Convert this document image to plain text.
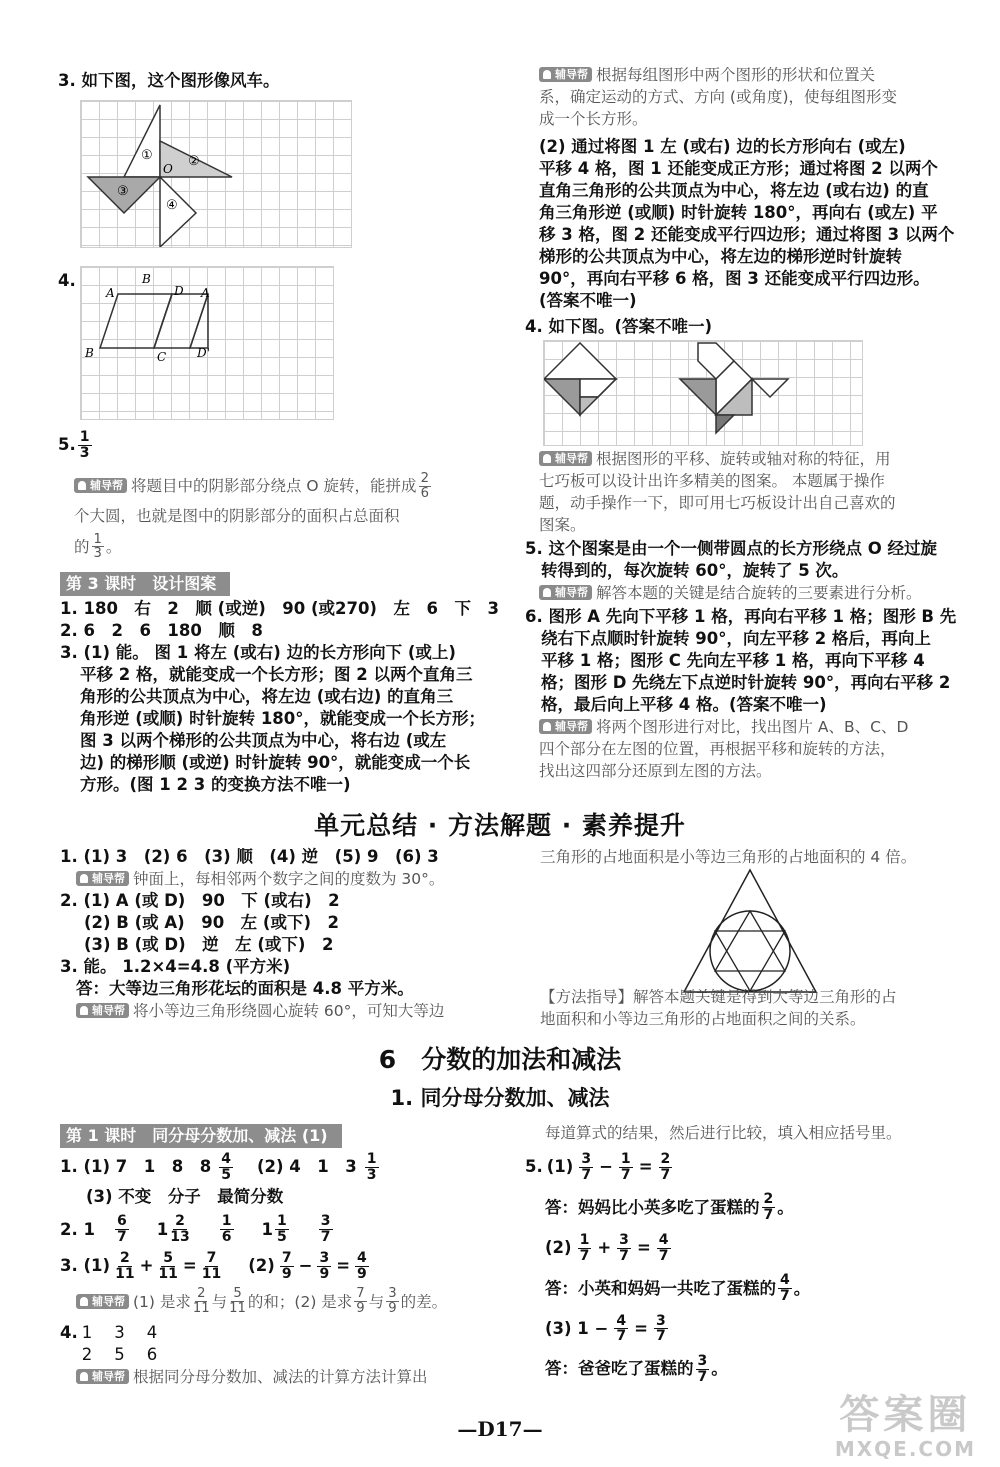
3. 如下图，这个图形像风车。
①	②
③
④
O
4.
A
B
D A
B	C	D'
5. $\frac{1}{3}$
辅导帮 将题目中的阴影部分绕点 O 旋转，能拼成 $\frac{2}{6}$
个大圆，也就是图中的阴影部分的面积占总面积
的 $\frac{1}{3}$ 。
第 3 课时　设计图案
1. 180　右　2　顺 (或逆)　90 (或270)　左　6　下　3
2. 6　2　6　180　顺　8
3. (1) 能。 图 1 将左 (或右) 边的长方形向下 (或上)
平移 2 格，就能变成一个长方形；图 2 以两个直角三
角形的公共顶点为中心，将左边 (或右边) 的直角三
角形逆 (或顺) 时针旋转 180°，就能变成一个长方形；
图 3 以两个梯形的公共顶点为中心，将右边 (或左
边) 的梯形顺 (或逆) 时针旋转 90°，就能变成一个长
方形。(图 1 2 3 的变换方法不唯一)
辅导帮 根据每组图形中两个图形的形状和位置关
系，确定运动的方式、方向 (或角度)，使每组图形变
成一个长方形。
(2) 通过将图 1 左 (或右) 边的长方形向右 (或左)
平移 4 格，图 1 还能变成正方形；通过将图 2 以两个
直角三角形的公共顶点为中心，将左边 (或右边) 的直
角三角形逆 (或顺) 时针旋转 180°，再向右 (或左) 平
移 3 格，图 2 还能变成平行四边形；通过将图 3 以两个
梯形的公共顶点为中心，将左边的梯形逆时针旋转
90°，再向右平移 6 格，图 3 还能变成平行四边形。
(答案不唯一)
4. 如下图。(答案不唯一)
辅导帮 根据图形的平移、旋转或轴对称的特征，用
七巧板可以设计出许多精美的图案。 本题属于操作
题，动手操作一下，即可用七巧板设计出自己喜欢的
图案。
5. 这个图案是由一个一侧带圆点的长方形绕点 O 经过旋
转得到的，每次旋转 60°，旋转了 5 次。
辅导帮 解答本题的关键是结合旋转的三要素进行分析。
6. 图形 A 先向下平移 1 格，再向右平移 1 格；图形 B 先
绕右下点顺时针旋转 90°，向左平移 2 格后，再向上
平移 1 格；图形 C 先向左平移 1 格，再向下平移 4
格；图形 D 先绕左下点逆时针旋转 90°，再向右平移 2
格，最后向上平移 4 格。(答案不唯一)
辅导帮 将两个图形进行对比，找出图片 A、B、C、D
四个部分在左图的位置，再根据平移和旋转的方法，
找出这四部分还原到左图的方法。
单元总结 · 方法解题 · 素养提升
1. (1) 3　(2) 6　(3) 顺　(4) 逆　(5) 9　(6) 3
辅导帮 钟面上，每相邻两个数字之间的度数为 30°。
2. (1) A (或 D)　90　下 (或右)　2
(2) B (或 A)　90　左 (或下)　2
(3) B (或 D)　逆　左 (或下)　2
3. 能。 1.2×4=4.8 (平方米)
答：大等边三角形花坛的面积是 4.8 平方米。
辅导帮 将小等边三角形绕圆心旋转 60°，可知大等边
三角形的占地面积是小等边三角形的占地面积的 4 倍。
【方法指导】解答本题关键是得到大等边三角形的占
地面积和小等边三角形的占地面积之间的关系。
6　分数的加法和减法
1. 同分母分数加、减法
第 1 课时　同分母分数加、减法 (1)
1. (1) 7　1　8　$8 \frac{4}{5} (2)$ 4　1　$3 \frac{1}{3}$
(3) 不变　分子　最简分数
2. $1 \frac{6}{7} 1 \frac{2}{13} \frac{1}{6} 1 \frac{1}{5} \frac{3}{7}$
3. $(1) \frac{2}{11} + \frac{5}{11} = \frac{7}{11} (2) \frac{7}{9} - \frac{3}{9} = \frac{4}{9}$
辅导帮 (1) 是求 $\frac{2}{11}$ 与 $\frac{5}{11}$ 的和；(2) 是求 $\frac{7}{9}$ 与 $\frac{3}{9}$ 的差。
4. 1 3 4
2 5 6
辅导帮 根据同分母分数加、减法的计算方法计算出
每道算式的结果，然后进行比较，填入相应括号里。
5. $(1) \frac{3}{7} - \frac{1}{7} = \frac{2}{7}$
答：妈妈比小英多吃了蛋糕的 $\frac{2}{7}$ 。
$(2) \frac{1}{7} + \frac{3}{7} = \frac{4}{7}$
答：小英和妈妈一共吃了蛋糕的 $\frac{4}{7}$ 。
(3) $1 - \frac{4}{7} = \frac{3}{7}$
答：爸爸吃了蛋糕的 $\frac{3}{7}$ 。
—D17—	答案圈
MXQE.COM
